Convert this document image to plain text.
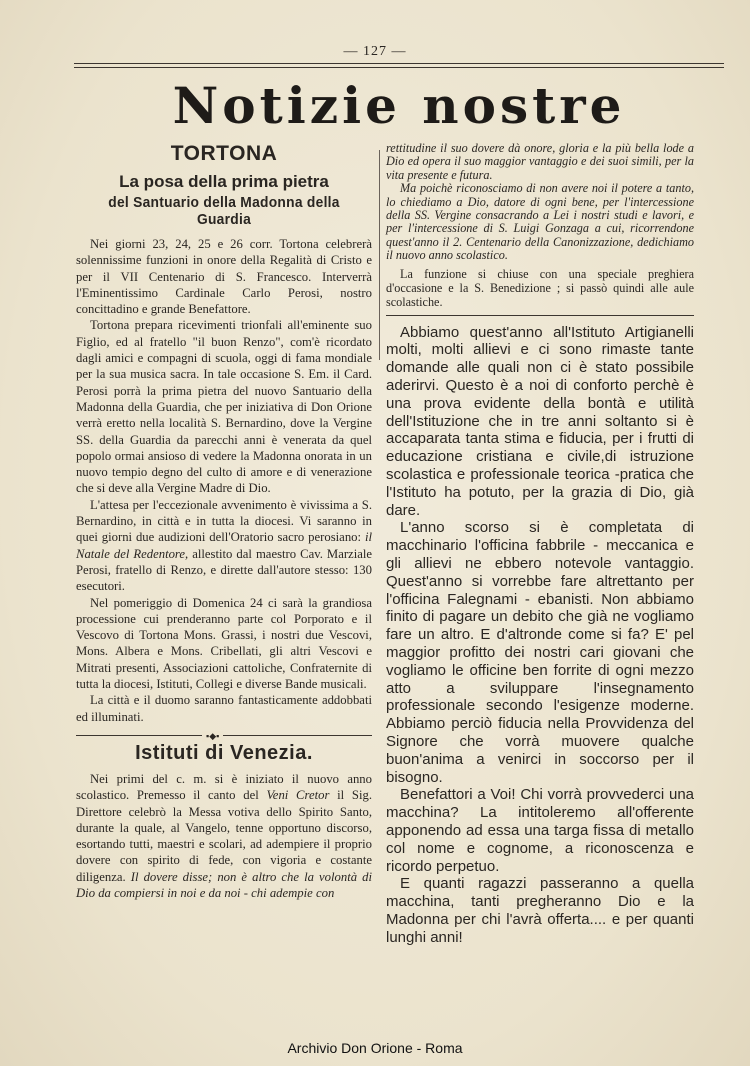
— 127 —
Notizie nostre
TORTONA
La posa della prima pietra
del Santuario della Madonna della Guardia

Nei giorni 23, 24, 25 e 26 corr. Tortona celebrerà solennissime funzioni in onore della Regalità di Cristo e per il VII Centenario di S. Francesco. Interverrà l'Eminentissimo Cardinale Carlo Perosi, nostro concittadino e grande Benefattore.

Tortona prepara ricevimenti trionfali all'eminente suo Figlio, ed al fratello "il buon Renzo", com'è ricordato dagli amici e compagni di scuola, oggi di fama mondiale per la sua musica sacra. In tale occasione S. Em. il Card. Perosi porrà la prima pietra del nuovo Santuario della Madonna della Guardia, che per iniziativa di Don Orione verrà eretto nella località S. Bernardino, dove la Vergine SS. della Guardia da parecchi anni è venerata da quel popolo ormai ansioso di vedere la Madonna onorata in un nuovo tempio degno del culto di amore e di venerazione che si deve alla Vergine Madre di Dio.

L'attesa per l'eccezionale avvenimento è vivissima a S. Bernardino, in città e in tutta la diocesi. Vi saranno in quei giorni due audizioni dell'Oratorio sacro perosiano: il Natale del Redentore, allestito dal maestro Cav. Marziale Perosi, fratello di Renzo, e dirette dall'autore stesso: 130 esecutori.

Nel pomeriggio di Domenica 24 ci sarà la grandiosa processione cui prenderanno parte col Porporato e il Vescovo di Tortona Mons. Grassi, i nostri due Vescovi, Mons. Albera e Mons. Cribellati, gli altri Vescovi e Mitrati presenti, Associazioni cattoliche, Confraternite di tutta la diocesi, Istituti, Collegi e diverse Bande musicali.

La città e il duomo saranno fantasticamente addobbati ed illuminati.

▪◆▪
Istituti di Venezia.

Nei primi del c. m. si è iniziato il nuovo anno scolastico. Premesso il canto del Veni Cretor il Sig. Direttore celebrò la Messa votiva dello Spirito Santo, durante la quale, al Vangelo, tenne opportuno discorso, esortando tutti, maestri e scolari, ad adempiere il proprio dovere con spirito di fede, con vigoria e costante diligenza. Il dovere disse; non è altro che la volontà di Dio da compiersi in noi e da noi - chi adempie con

rettitudine il suo dovere dà onore, gloria e la più bella lode a Dio ed opera il suo maggior vantaggio e dei suoi simili, per la vita presente e futura.

Ma poichè riconosciamo di non avere noi il potere a tanto, lo chiediamo a Dio, datore di ogni bene, per l'intercessione della SS. Vergine consacrando a Lei i nostri studi e lavori, e per l'intercessione di S. Luigi Gonzaga a cui, ricorrendone quest'anno il 2. Centenario della Canonizzazione, dedichiamo il nuovo anno scolastico.

La funzione si chiuse con una speciale preghiera d'occasione e la S. Benedizione ; si passò quindi alle aule scolastiche.

Abbiamo quest'anno all'Istituto Artigianelli molti, molti allievi e ci sono rimaste tante domande alle quali non ci è stato possibile aderirvi. Questo è a noi di conforto perchè è una prova evidente della bontà e utilità dell'Istituzione che in tre anni soltanto si è accaparata tanta stima e fiducia, per i frutti di educazione cristiana e civile,di istruzione scolastica e professionale teorica -pratica che l'Istituto ha potuto, per la grazia di Dio, già dare.

L'anno scorso si è completata di macchinario l'officina fabbrile - meccanica e gli allievi ne ebbero notevole vantaggio. Quest'anno si vorrebbe fare altrettanto per l'officina Falegnami - ebanisti. Non abbiamo finito di pagare un debito che già ne vogliamo fare un altro. E d'altronde come si fa? E' pel maggior profitto dei nostri cari giovani che vogliamo le officine ben forrite di ogni mezzo atto a sviluppare l'insegnamento professionale secondo l'esigenze moderne. Abbiamo perciò fiducia nella Provvidenza del Signore che vorrà muovere qualche buon'anima a venirci in soccorso per il bisogno.

Benefattori a Voi! Chi vorrà provvederci una macchina? La intitoleremo all'offerente apponendo ad essa una targa fissa di metallo col nome e cognome, a riconoscenza e ricordo perpetuo.

E quanti ragazzi passeranno a quella macchina, tanti pregheranno Dio e la Madonna per chi l'avrà offerta.... e per quanti lunghi anni!

Archivio Don Orione - Roma
